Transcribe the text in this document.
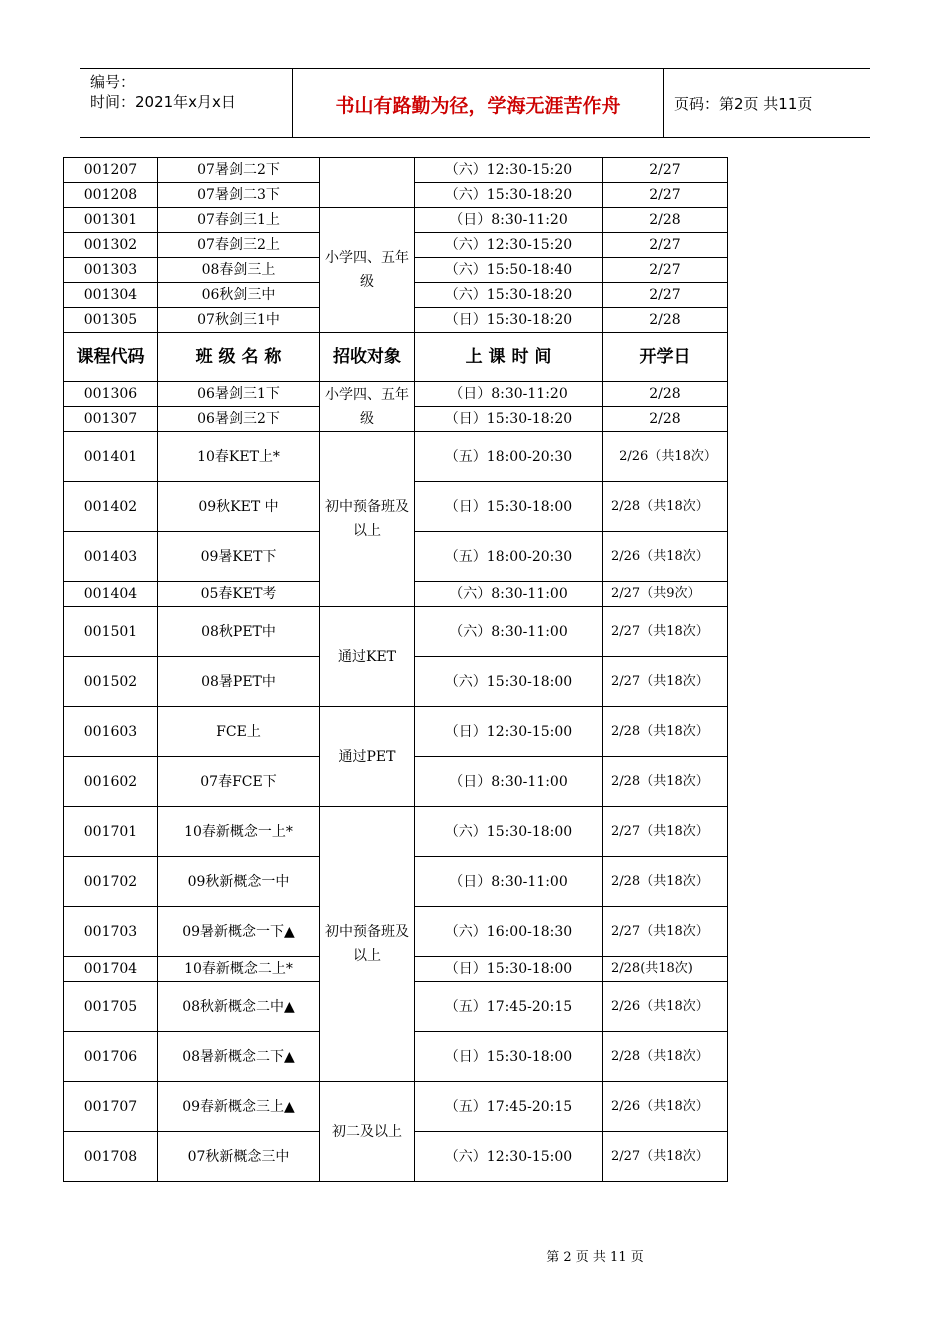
编号：
时间：2021年x月x日	书山有路勤为径，学海无涯苦作舟	页码：第2页 共11页
001207	07暑剑二2下		（六）12:30-15:20	2/27
001208	07暑剑二3下		（六）15:30-18:20	2/27
001301	07春剑三1上	小学四、五年级	（日）8:30-11:20	2/28
001302	07春剑三2上		（六）12:30-15:20	2/27
001303	08春剑三上		（六）15:50-18:40	2/27
001304	06秋剑三中		（六）15:30-18:20	2/27
001305	07秋剑三1中		（日）15:30-18:20	2/28
课程代码	班 级 名 称	招收对象	上 课 时 间	开学日
001306	06暑剑三1下	小学四、五年级	（日）8:30-11:20	2/28
001307	06暑剑三2下		（日）15:30-18:20	2/28
001401	10春KET上*	初中预备班及以上	（五）18:00-20:30	2/26（共18次）
001402	09秋KET 中		（日）15:30-18:00	2/28（共18次）
001403	09暑KET下		（五）18:00-20:30	2/26（共18次）
001404	05春KET考		（六）8:30-11:00	2/27（共9次）
001501	08秋PET中	通过KET	（六）8:30-11:00	2/27（共18次）
001502	08暑PET中		（六）15:30-18:00	2/27（共18次）
001603	FCE上	通过PET	（日）12:30-15:00	2/28（共18次）
001602	07春FCE下		（日）8:30-11:00	2/28（共18次）
001701	10春新概念一上*	初中预备班及以上	（六）15:30-18:00	2/27（共18次）
001702	09秋新概念一中		（日）8:30-11:00	2/28（共18次）
001703	09暑新概念一下▲		（六）16:00-18:30	2/27（共18次）
001704	10春新概念二上*		（日）15:30-18:00	2/28(共18次)
001705	08秋新概念二中▲		（五）17:45-20:15	2/26（共18次）
001706	08暑新概念二下▲		（日）15:30-18:00	2/28（共18次）
001707	09春新概念三上▲	初二及以上	（五）17:45-20:15	2/26（共18次）
001708	07秋新概念三中		（六）12:30-15:00	2/27（共18次）
第 2 页 共 11 页
